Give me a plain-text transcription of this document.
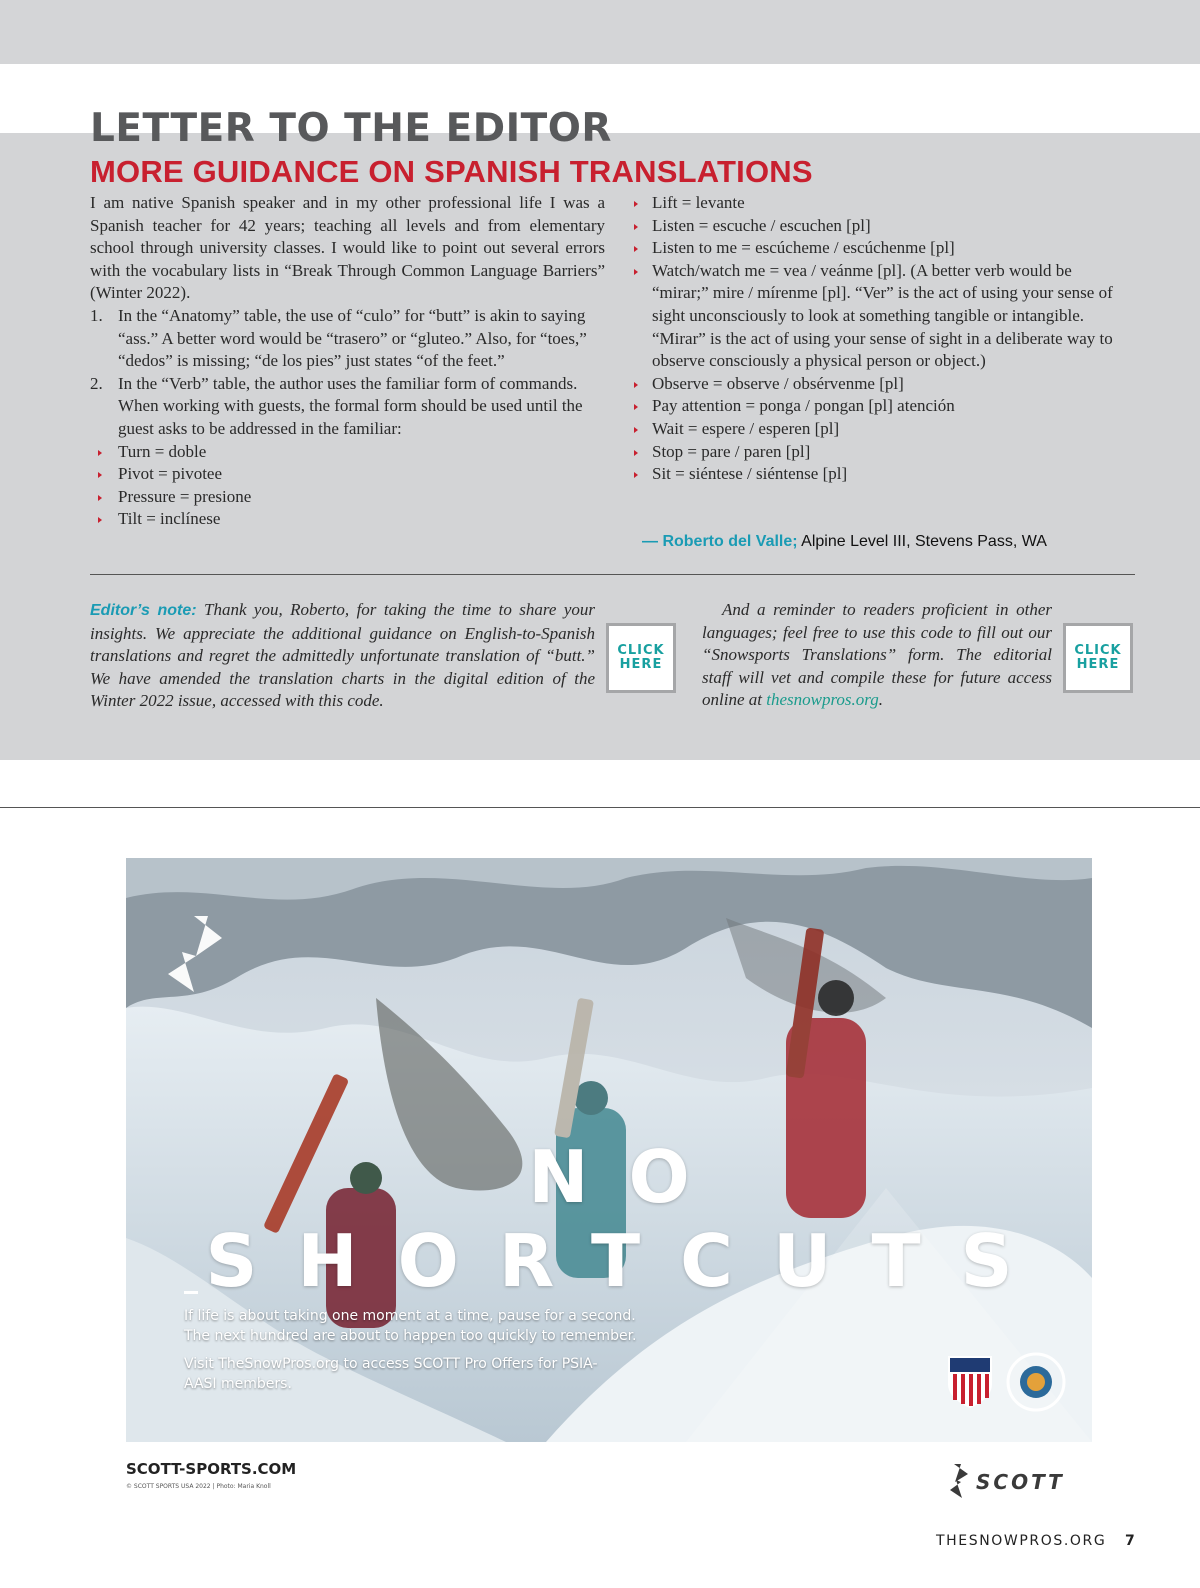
LETTER TO THE EDITOR
MORE GUIDANCE ON SPANISH TRANSLATIONS

I am native Spanish speaker and in my other professional life I was a Spanish teacher for 42 years; teaching all levels and from elementary school through university classes. I would like to point out several errors with the vocabulary lists in “Break Through Common Language Barriers” (Winter 2022).

1. In the “Anatomy” table, the use of “culo” for “butt” is akin to saying “ass.” A better word would be “trasero” or “gluteo.” Also, for “toes,” “dedos” is missing; “de los pies” just states “of the feet.”
2. In the “Verb” table, the author uses the familiar form of commands. When working with guests, the formal form should be used until the guest asks to be addressed in the familiar:
Turn = doble
Pivot = pivotee
Pressure = presione
Tilt = inclínese
Lift = levante
Listen = escuche / escuchen [pl]
Listen to me = escúcheme / escúchenme [pl]
Watch/watch me = vea / veánme [pl]. (A better verb would be “mirar;” mire / mírenme [pl]. “Ver” is the act of using your sense of sight unconsciously to look at something tangible or intangible. “Mirar” is the act of using your sense of sight in a deliberate way to observe consciously a physical person or object.)
Observe = observe / obsérvenme [pl]
Pay attention = ponga / pongan [pl] atención
Wait = espere / esperen [pl]
Stop = pare / paren [pl]
Sit = siéntese / siéntense [pl]
— Roberto del Valle; Alpine Level III, Stevens Pass, WA
Editor’s note: Thank you, Roberto, for taking the time to share your insights. We appreciate the additional guidance on English-to-Spanish translations and regret the admittedly unfortunate translation of “butt.” We have amended the translation charts in the digital edition of the Winter 2022 issue, accessed with this code.
CLICK
HERE
And a reminder to readers proficient in other languages; feel free to use this code to fill out our “Snowsports Translations” form. The editorial staff will vet and compile these for future access online at thesnowpros.org.
CLICK
HERE
NO SHORTCUTS
If life is about taking one moment at a time, pause for a second.
The next hundred are about to happen too quickly to remember.
Visit TheSnowPros.org to access SCOTT Pro Offers for PSIA-AASI members.
SCOTT-SPORTS.COM
© SCOTT SPORTS USA 2022 | Photo: Maria Knoll	SCOTT
THESNOWPROS.ORG 7
